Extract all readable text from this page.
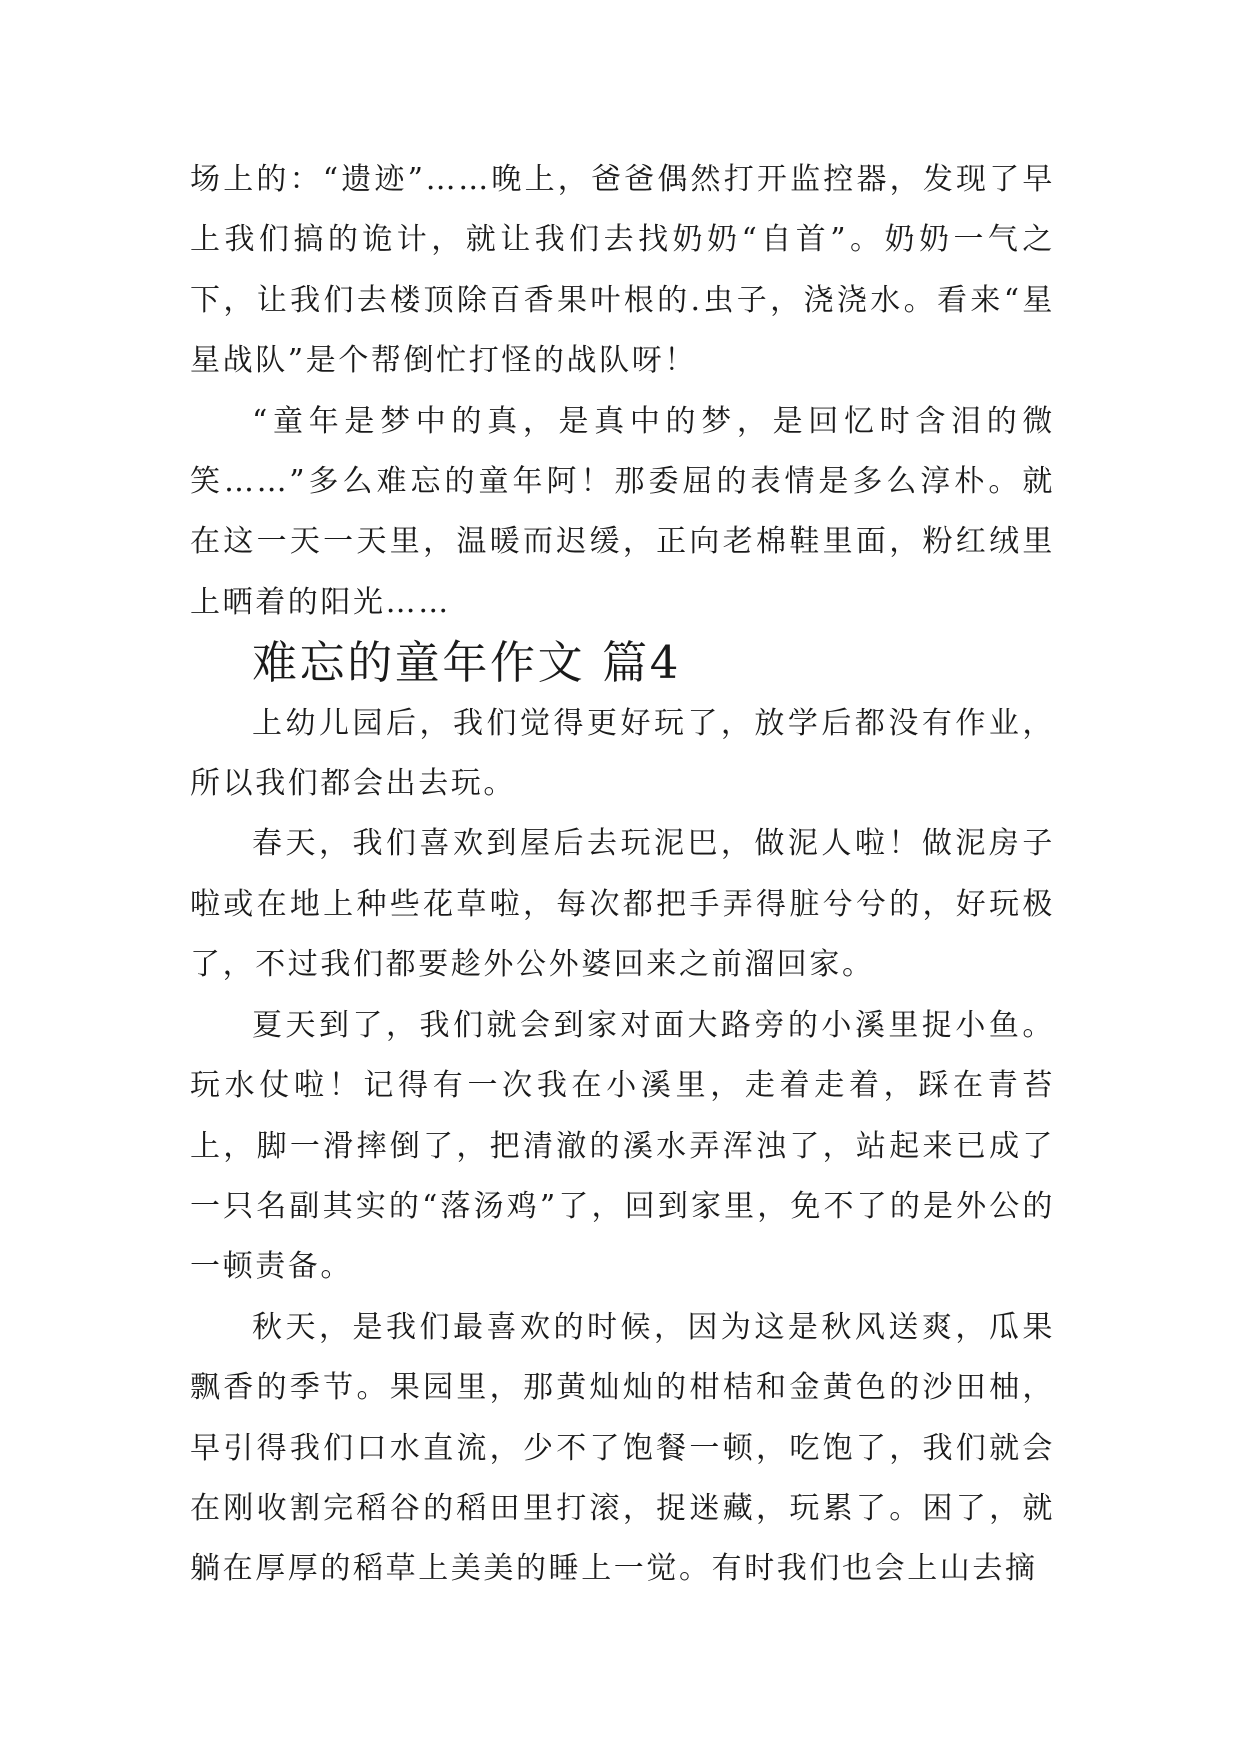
场上的：“遗迹”……晚上，爸爸偶然打开监控器，发现了早上我们搞的诡计，就让我们去找奶奶“自首”。奶奶一气之下，让我们去楼顶除百香果叶根的.虫子，浇浇水。看来“星星战队”是个帮倒忙打怪的战队呀！

“童年是梦中的真，是真中的梦，是回忆时含泪的微笑……”多么难忘的童年阿！那委屈的表情是多么淳朴。就在这一天一天里，温暖而迟缓，正向老棉鞋里面，粉红绒里上晒着的阳光……

难忘的童年作文 篇4

上幼儿园后，我们觉得更好玩了，放学后都没有作业，所以我们都会出去玩。

春天，我们喜欢到屋后去玩泥巴，做泥人啦！做泥房子啦或在地上种些花草啦，每次都把手弄得脏兮兮的，好玩极了，不过我们都要趁外公外婆回来之前溜回家。

夏天到了，我们就会到家对面大路旁的小溪里捉小鱼。玩水仗啦！记得有一次我在小溪里，走着走着，踩在青苔上，脚一滑摔倒了，把清澈的溪水弄浑浊了，站起来已成了一只名副其实的“落汤鸡”了，回到家里，免不了的是外公的一顿责备。

秋天，是我们最喜欢的时候，因为这是秋风送爽，瓜果飘香的季节。果园里，那黄灿灿的柑桔和金黄色的沙田柚，早引得我们口水直流，少不了饱餐一顿，吃饱了，我们就会在刚收割完稻谷的稻田里打滚，捉迷藏，玩累了。困了，就躺在厚厚的稻草上美美的睡上一觉。有时我们也会上山去摘
